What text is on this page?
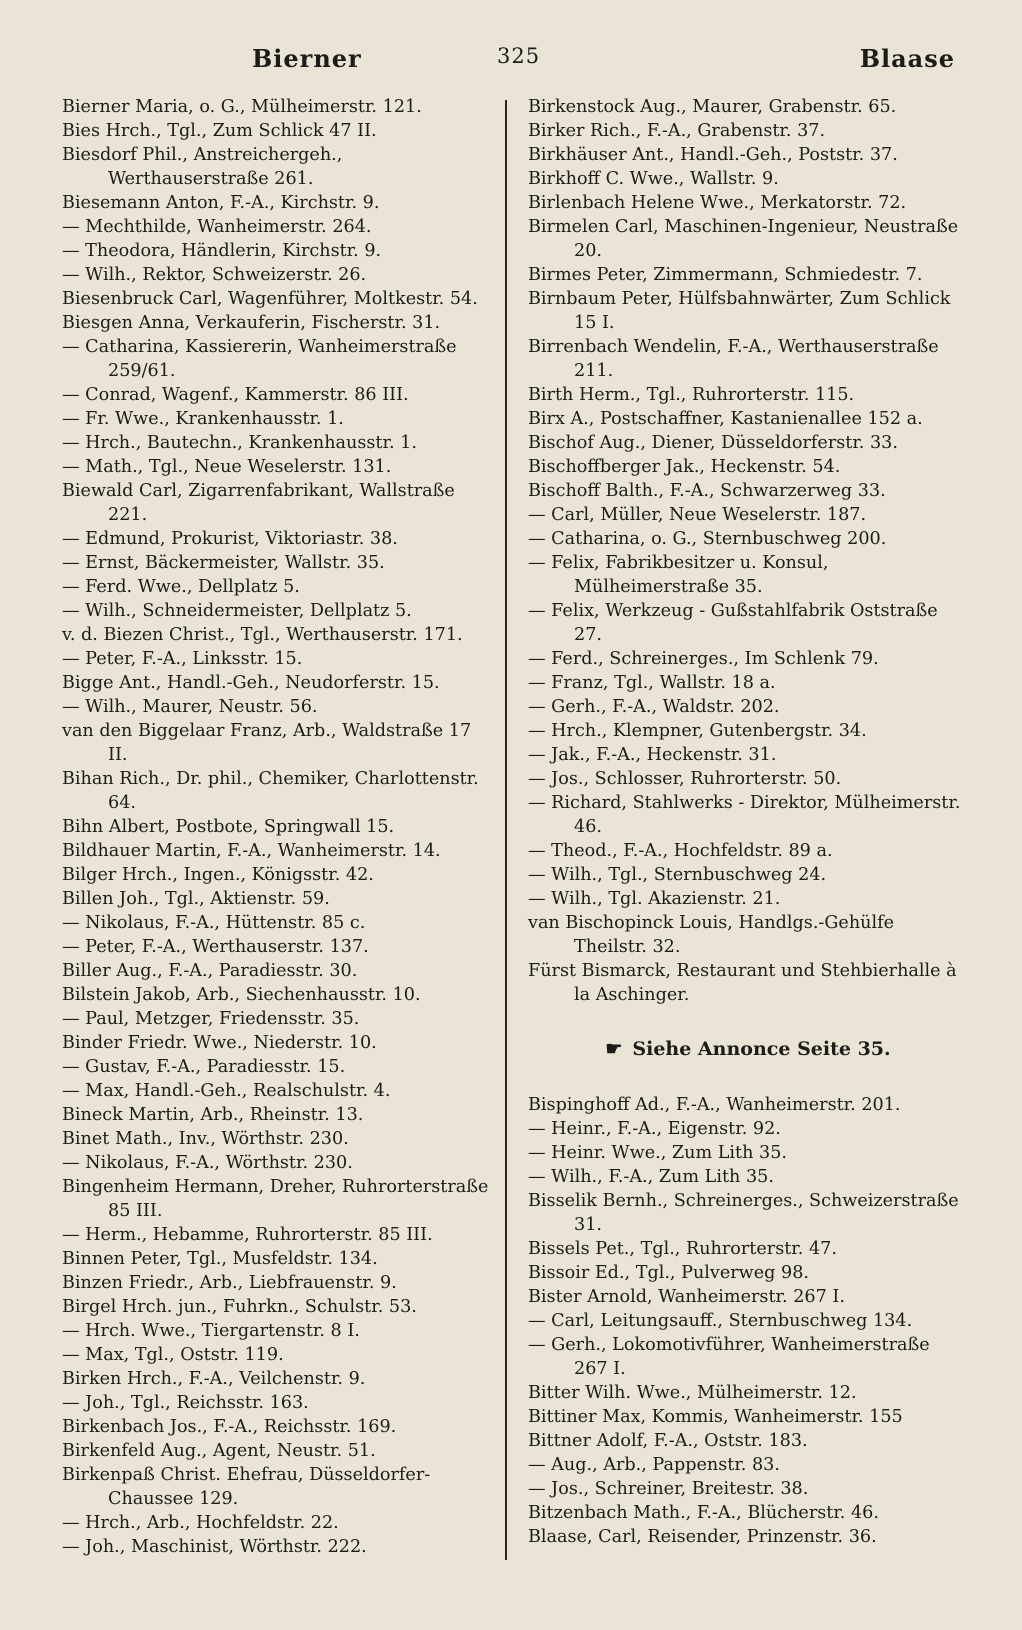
Bierner	325	Blaase
Bierner Maria, o. G., Mülheimerstr. 121.
Bies Hrch., Tgl., Zum Schlick 47 II.
Biesdorf Phil., Anstreichergeh., Werthauserstraße 261.
Biesemann Anton, F.-A., Kirchstr. 9.
— Mechthilde, Wanheimerstr. 264.
— Theodora, Händlerin, Kirchstr. 9.
— Wilh., Rektor, Schweizerstr. 26.
Biesenbruck Carl, Wagenführer, Moltkestr. 54.
Biesgen Anna, Verkauferin, Fischerstr. 31.
— Catharina, Kassiererin, Wanheimerstraße 259/61.
— Conrad, Wagenf., Kammerstr. 86 III.
— Fr. Wwe., Krankenhausstr. 1.
— Hrch., Bautechn., Krankenhausstr. 1.
— Math., Tgl., Neue Weselerstr. 131.
Biewald Carl, Zigarrenfabrikant, Wallstraße 221.
— Edmund, Prokurist, Viktoriastr. 38.
— Ernst, Bäckermeister, Wallstr. 35.
— Ferd. Wwe., Dellplatz 5.
— Wilh., Schneidermeister, Dellplatz 5.
v. d. Biezen Christ., Tgl., Werthauserstr. 171.
— Peter, F.-A., Linksstr. 15.
Bigge Ant., Handl.-Geh., Neudorferstr. 15.
— Wilh., Maurer, Neustr. 56.
van den Biggelaar Franz, Arb., Waldstraße 17 II.
Bihan Rich., Dr. phil., Chemiker, Charlottenstr. 64.
Bihn Albert, Postbote, Springwall 15.
Bildhauer Martin, F.-A., Wanheimerstr. 14.
Bilger Hrch., Ingen., Königsstr. 42.
Billen Joh., Tgl., Aktienstr. 59.
— Nikolaus, F.-A., Hüttenstr. 85 c.
— Peter, F.-A., Werthauserstr. 137.
Biller Aug., F.-A., Paradiesstr. 30.
Bilstein Jakob, Arb., Siechenhausstr. 10.
— Paul, Metzger, Friedensstr. 35.
Binder Friedr. Wwe., Niederstr. 10.
— Gustav, F.-A., Paradiesstr. 15.
— Max, Handl.-Geh., Realschulstr. 4.
Bineck Martin, Arb., Rheinstr. 13.
Binet Math., Inv., Wörthstr. 230.
— Nikolaus, F.-A., Wörthstr. 230.
Bingenheim Hermann, Dreher, Ruhrorterstraße 85 III.
— Herm., Hebamme, Ruhrorterstr. 85 III.
Binnen Peter, Tgl., Musfeldstr. 134.
Binzen Friedr., Arb., Liebfrauenstr. 9.
Birgel Hrch. jun., Fuhrkn., Schulstr. 53.
— Hrch. Wwe., Tiergartenstr. 8 I.
— Max, Tgl., Oststr. 119.
Birken Hrch., F.-A., Veilchenstr. 9.
— Joh., Tgl., Reichsstr. 163.
Birkenbach Jos., F.-A., Reichsstr. 169.
Birkenfeld Aug., Agent, Neustr. 51.
Birkenpaß Christ. Ehefrau, Düsseldorfer-Chaussee 129.
— Hrch., Arb., Hochfeldstr. 22.
— Joh., Maschinist, Wörthstr. 222.
Birkenstock Aug., Maurer, Grabenstr. 65.
Birker Rich., F.-A., Grabenstr. 37.
Birkhäuser Ant., Handl.-Geh., Poststr. 37.
Birkhoff C. Wwe., Wallstr. 9.
Birlenbach Helene Wwe., Merkatorstr. 72.
Birmelen Carl, Maschinen-Ingenieur, Neustraße 20.
Birmes Peter, Zimmermann, Schmiedestr. 7.
Birnbaum Peter, Hülfsbahnwärter, Zum Schlick 15 I.
Birrenbach Wendelin, F.-A., Werthauserstraße 211.
Birth Herm., Tgl., Ruhrorterstr. 115.
Birx A., Postschaffner, Kastanienallee 152 a.
Bischof Aug., Diener, Düsseldorferstr. 33.
Bischoffberger Jak., Heckenstr. 54.
Bischoff Balth., F.-A., Schwarzerweg 33.
— Carl, Müller, Neue Weselerstr. 187.
— Catharina, o. G., Sternbuschweg 200.
— Felix, Fabrikbesitzer u. Konsul, Mülheimerstraße 35.
— Felix, Werkzeug - Gußstahlfabrik Oststraße 27.
— Ferd., Schreinerges., Im Schlenk 79.
— Franz, Tgl., Wallstr. 18 a.
— Gerh., F.-A., Waldstr. 202.
— Hrch., Klempner, Gutenbergstr. 34.
— Jak., F.-A., Heckenstr. 31.
— Jos., Schlosser, Ruhrorterstr. 50.
— Richard, Stahlwerks - Direktor, Mülheimerstr. 46.
— Theod., F.-A., Hochfeldstr. 89 a.
— Wilh., Tgl., Sternbuschweg 24.
— Wilh., Tgl. Akazienstr. 21.
van Bischopinck Louis, Handlgs.-Gehülfe Theilstr. 32.
Fürst Bismarck, Restaurant und Stehbierhalle à la Aschinger.
☛ Siehe Annonce Seite 35.
Bispinghoff Ad., F.-A., Wanheimerstr. 201.
— Heinr., F.-A., Eigenstr. 92.
— Heinr. Wwe., Zum Lith 35.
— Wilh., F.-A., Zum Lith 35.
Bisselik Bernh., Schreinerges., Schweizerstraße 31.
Bissels Pet., Tgl., Ruhrorterstr. 47.
Bissoir Ed., Tgl., Pulverweg 98.
Bister Arnold, Wanheimerstr. 267 I.
— Carl, Leitungsauff., Sternbuschweg 134.
— Gerh., Lokomotivführer, Wanheimerstraße 267 I.
Bitter Wilh. Wwe., Mülheimerstr. 12.
Bittiner Max, Kommis, Wanheimerstr. 155
Bittner Adolf, F.-A., Oststr. 183.
— Aug., Arb., Pappenstr. 83.
— Jos., Schreiner, Breitestr. 38.
Bitzenbach Math., F.-A., Blücherstr. 46.
Blaase, Carl, Reisender, Prinzenstr. 36.
